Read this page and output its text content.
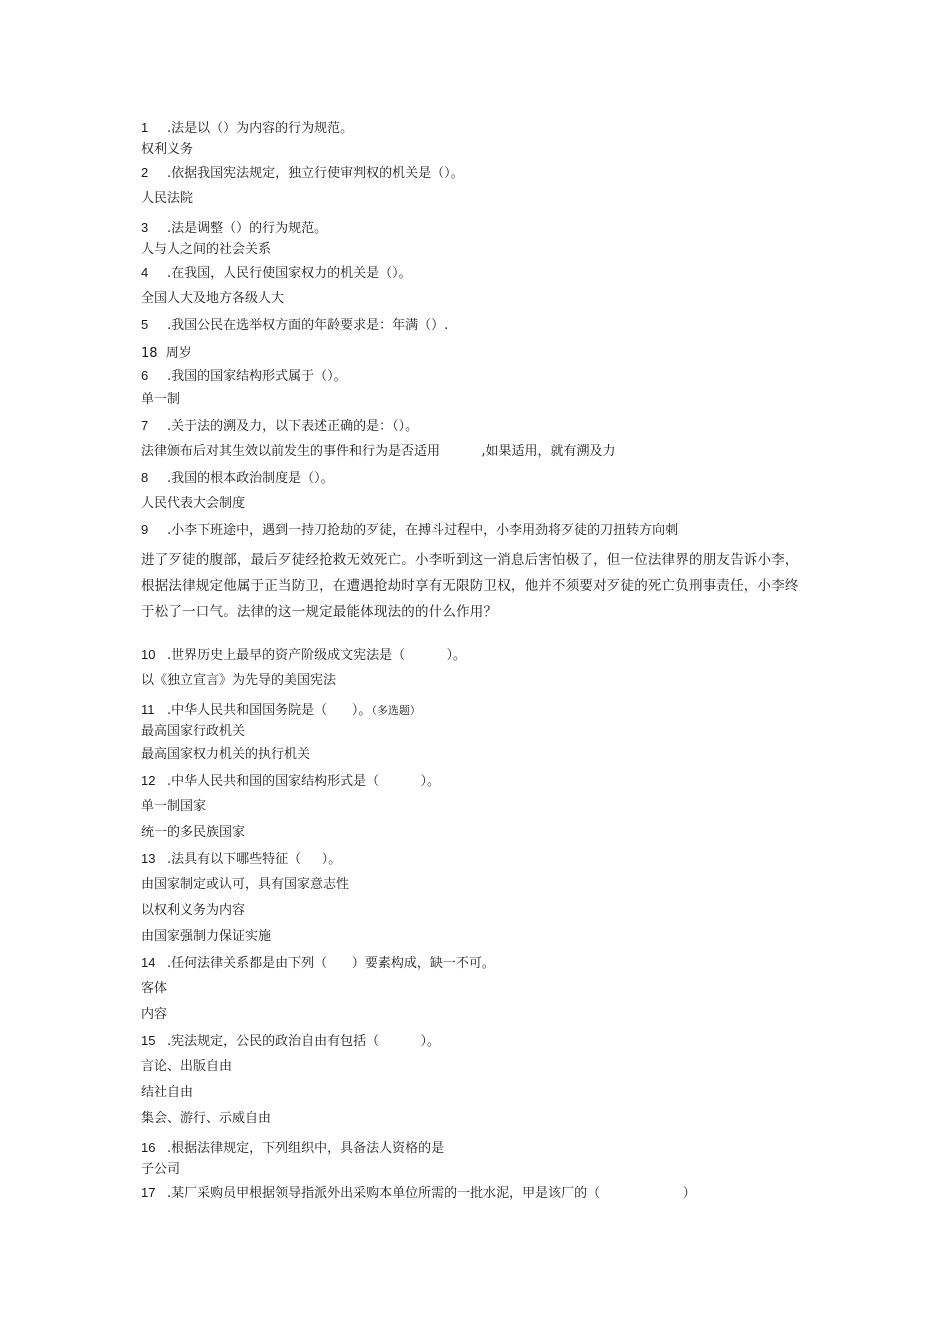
1 .法是以（）为内容的行为规范。
权利义务
2 .依据我国宪法规定，独立行使审判权的机关是（）。
人民法院
3 .法是调整（）的行为规范。
人与人之间的社会关系
4 .在我国，人民行使国家权力的机关是（）。
全国人大及地方各级人大
5 .我国公民在选举权方面的年龄要求是：年满（）.
18  周岁
6 .我国的国家结构形式属于（）。
单一制
7 .关于法的溯及力，以下表述正确的是：（）。
法律颁布后对其生效以前发生的事件和行为是否适用          ,如果适用，就有溯及力
8 .我国的根本政治制度是（）。
人民代表大会制度
9 .小李下班途中，遇到一持刀抢劫的歹徒，在搏斗过程中，小李用劲将歹徒的刀扭转方向刺
进了歹徒的腹部，最后歹徒经抢救无效死亡。小李听到这一消息后害怕极了，但一位法律界的朋友告诉小李，根据法律规定他属于正当防卫，在遭遇抢劫时享有无限防卫权，他并不须要对歹徒的死亡负刑事责任，小李终于松了一口气。法律的这一规定最能体现法的的什么作用？
10 .世界历史上最早的资产阶级成文宪法是（          ）。
以《独立宣言》为先导的美国宪法
11 .中华人民共和国国务院是（      ）。（多选题）
最高国家行政机关
最高国家权力机关的执行机关
12 .中华人民共和国的国家结构形式是（          ）。
单一制国家
统一的多民族国家
13 .法具有以下哪些特征（     ）。
由国家制定或认可，具有国家意志性
以权利义务为内容
由国家强制力保证实施
14 .任何法律关系都是由下列（      ）要素构成，缺一不可。
客体
内容
15 .宪法规定，公民的政治自由有包括（          ）。
言论、出版自由
结社自由
集会、游行、示威自由
16 .根据法律规定，下列组织中，具备法人资格的是
子公司
17 .某厂采购员甲根据领导指派外出采购本单位所需的一批水泥，甲是该厂的（                    ）
